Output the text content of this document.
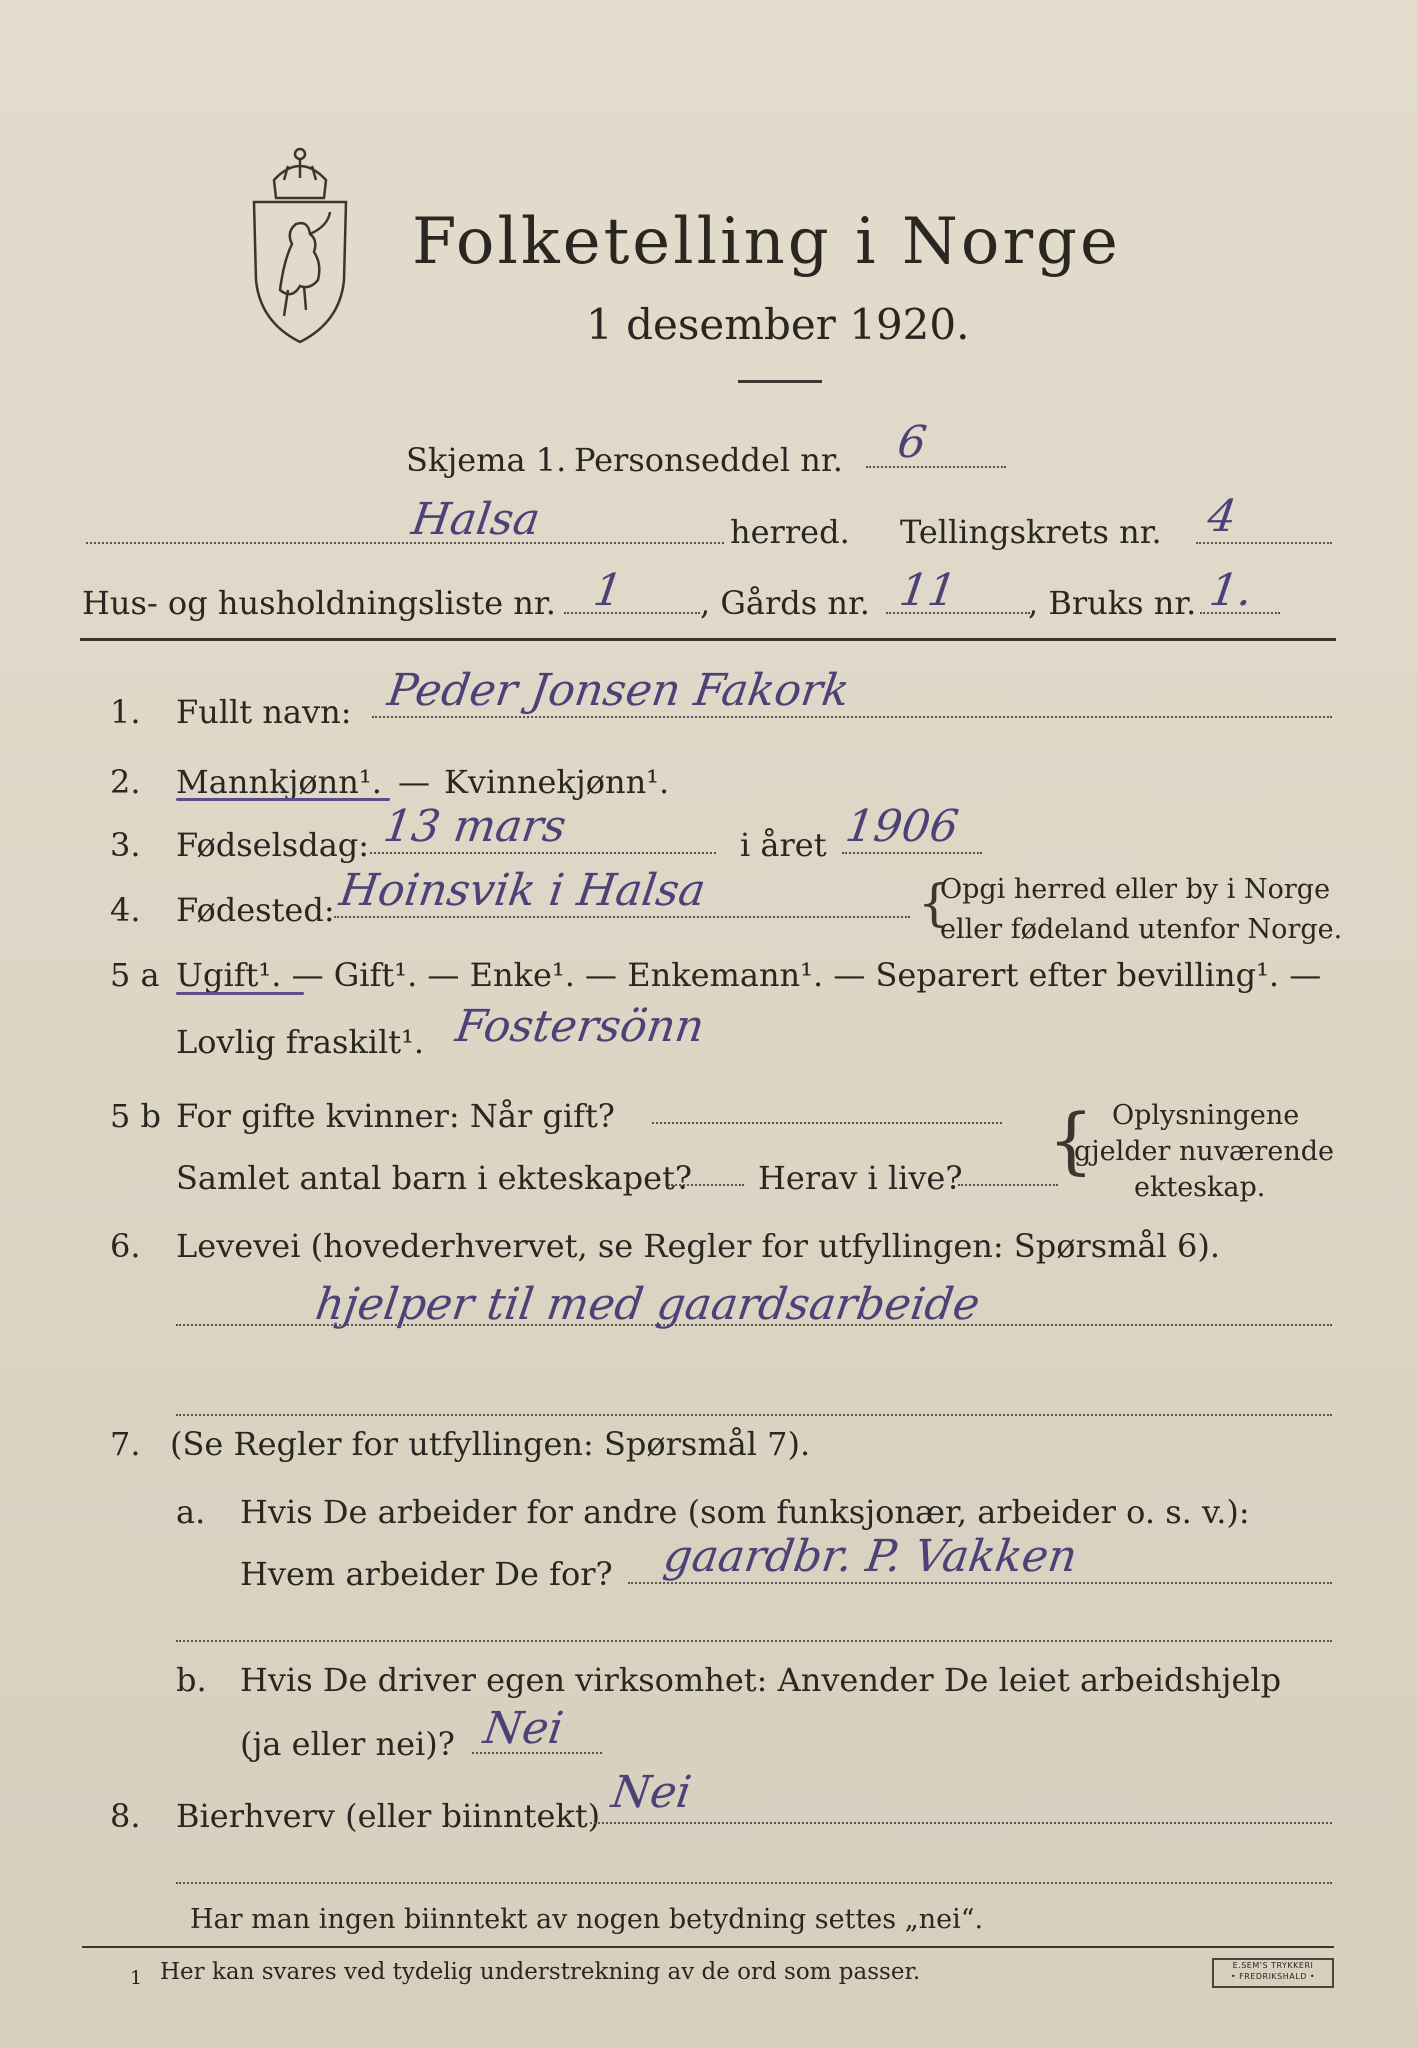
Folketelling i Norge
1 desember 1920.
Skjema 1. Personseddel nr. 6
Halsa	herred. Tellingskrets nr. 4
Hus- og husholdningsliste nr. 1 , Gårds nr. 11 , Bruks nr. 1.
1. Fullt navn: Peder Jonsen Fakork
2. Mannkjønn¹. — Kvinnekjønn¹.
3. Fødselsdag: 13 mars	i året 1906
4. Fødested: Hoinsvik i Halsa	{
Opgi herred eller by i Norge
eller fødeland utenfor Norge.
5 a Ugift¹. — Gift¹. — Enke¹. — Enkemann¹. — Separert efter bevilling¹. —
Lovlig fraskilt¹. Fostersönn
5 b For gifte kvinner: Når gift?
Samlet antal barn i ekteskapet? Herav i live? { Oplysningene
gjelder nuværende
ekteskap.
6. Levevei (hovederhvervet, se Regler for utfyllingen: Spørsmål 6).
hjelper til med gaardsarbeide
7. (Se Regler for utfyllingen: Spørsmål 7).
a. Hvis De arbeider for andre (som funksjonær, arbeider o. s. v.):
Hvem arbeider De for? gaardbr. P. Vakken
b. Hvis De driver egen virksomhet: Anvender De leiet arbeidshjelp
(ja eller nei)? Nei
8. Bierhverv (eller biinntekt) Nei
Har man ingen biinntekt av nogen betydning settes „nei“.
1 Her kan svares ved tydelig understrekning av de ord som passer.	E.SEM'S TRYKKERI
• FREDRIKSHALD •
